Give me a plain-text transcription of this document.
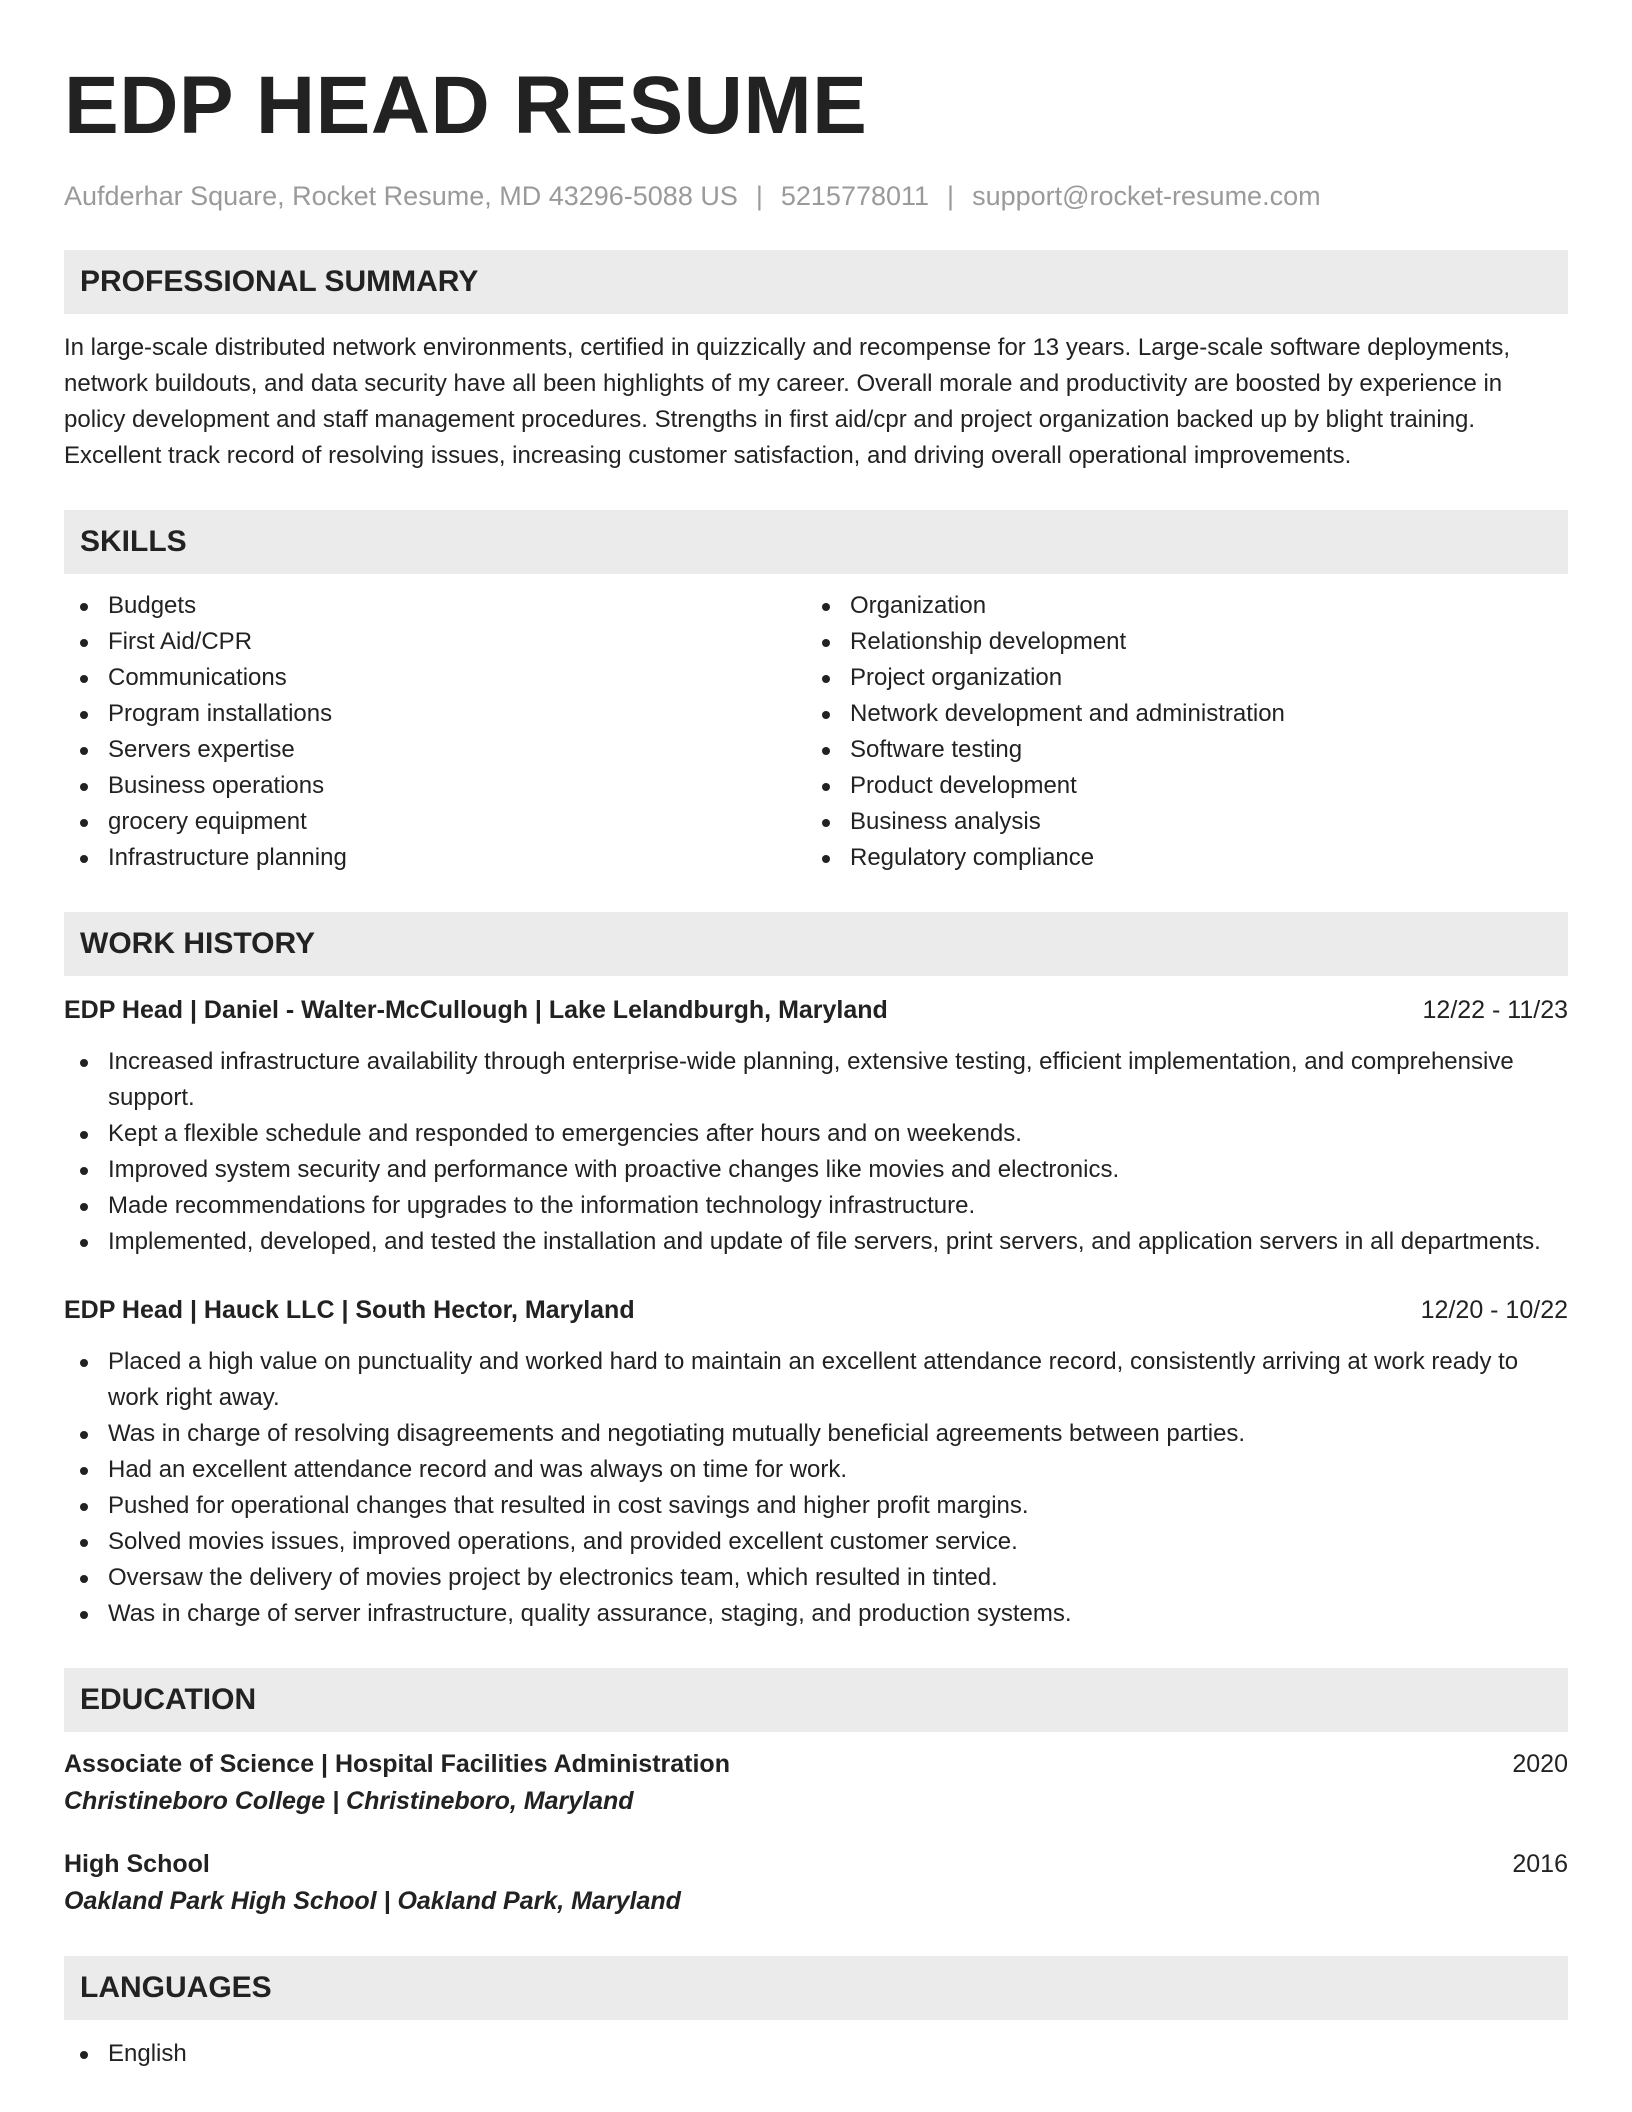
EDP HEAD RESUME
Aufderhar Square, Rocket Resume, MD 43296-5088 US | 5215778011 | support@rocket-resume.com
PROFESSIONAL SUMMARY
In large-scale distributed network environments, certified in quizzically and recompense for 13 years. Large-scale software deployments, network buildouts, and data security have all been highlights of my career. Overall morale and productivity are boosted by experience in policy development and staff management procedures. Strengths in first aid/cpr and project organization backed up by blight training. Excellent track record of resolving issues, increasing customer satisfaction, and driving overall operational improvements.
SKILLS
Budgets
First Aid/CPR
Communications
Program installations
Servers expertise
Business operations
grocery equipment
Infrastructure planning
Organization
Relationship development
Project organization
Network development and administration
Software testing
Product development
Business analysis
Regulatory compliance
WORK HISTORY
EDP Head | Daniel - Walter-McCullough | Lake Lelandburgh, Maryland	12/22 - 11/23
Increased infrastructure availability through enterprise-wide planning, extensive testing, efficient implementation, and comprehensive support.
Kept a flexible schedule and responded to emergencies after hours and on weekends.
Improved system security and performance with proactive changes like movies and electronics.
Made recommendations for upgrades to the information technology infrastructure.
Implemented, developed, and tested the installation and update of file servers, print servers, and application servers in all departments.
EDP Head | Hauck LLC | South Hector, Maryland	12/20 - 10/22
Placed a high value on punctuality and worked hard to maintain an excellent attendance record, consistently arriving at work ready to work right away.
Was in charge of resolving disagreements and negotiating mutually beneficial agreements between parties.
Had an excellent attendance record and was always on time for work.
Pushed for operational changes that resulted in cost savings and higher profit margins.
Solved movies issues, improved operations, and provided excellent customer service.
Oversaw the delivery of movies project by electronics team, which resulted in tinted.
Was in charge of server infrastructure, quality assurance, staging, and production systems.
EDUCATION
Associate of Science | Hospital Facilities Administration	2020
Christineboro College | Christineboro, Maryland
High School	2016
Oakland Park High School | Oakland Park, Maryland
LANGUAGES
English
